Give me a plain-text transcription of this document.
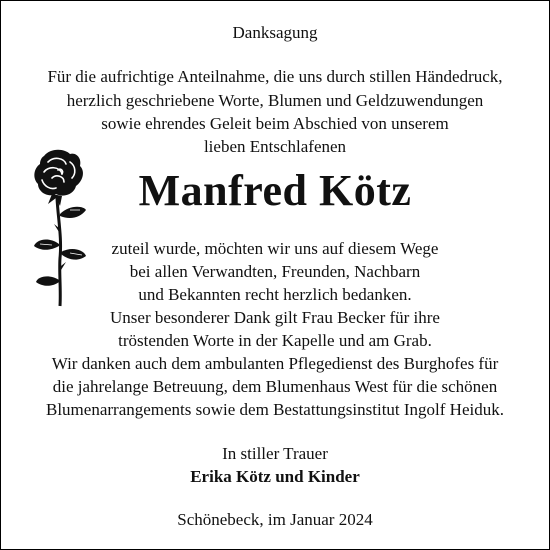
Danksagung
Für die aufrichtige Anteilnahme, die uns durch stillen Händedruck,
herzlich geschriebene Worte, Blumen und Geldzuwendungen
sowie ehrendes Geleit beim Abschied von unserem
lieben Entschlafenen
Manfred Kötz
zuteil wurde, möchten wir uns auf diesem Wege
bei allen Verwandten, Freunden, Nachbarn
und Bekannten recht herzlich bedanken.
Unser besonderer Dank gilt Frau Becker für ihre
tröstenden Worte in der Kapelle und am Grab.
Wir danken auch dem ambulanten Pflegedienst des Burghofes für
die jahrelange Betreuung, dem Blumenhaus West für die schönen
Blumenarrangements sowie dem Bestattungsinstitut Ingolf Heiduk.
In stiller Trauer
Erika Kötz und Kinder
Schönebeck, im Januar 2024
